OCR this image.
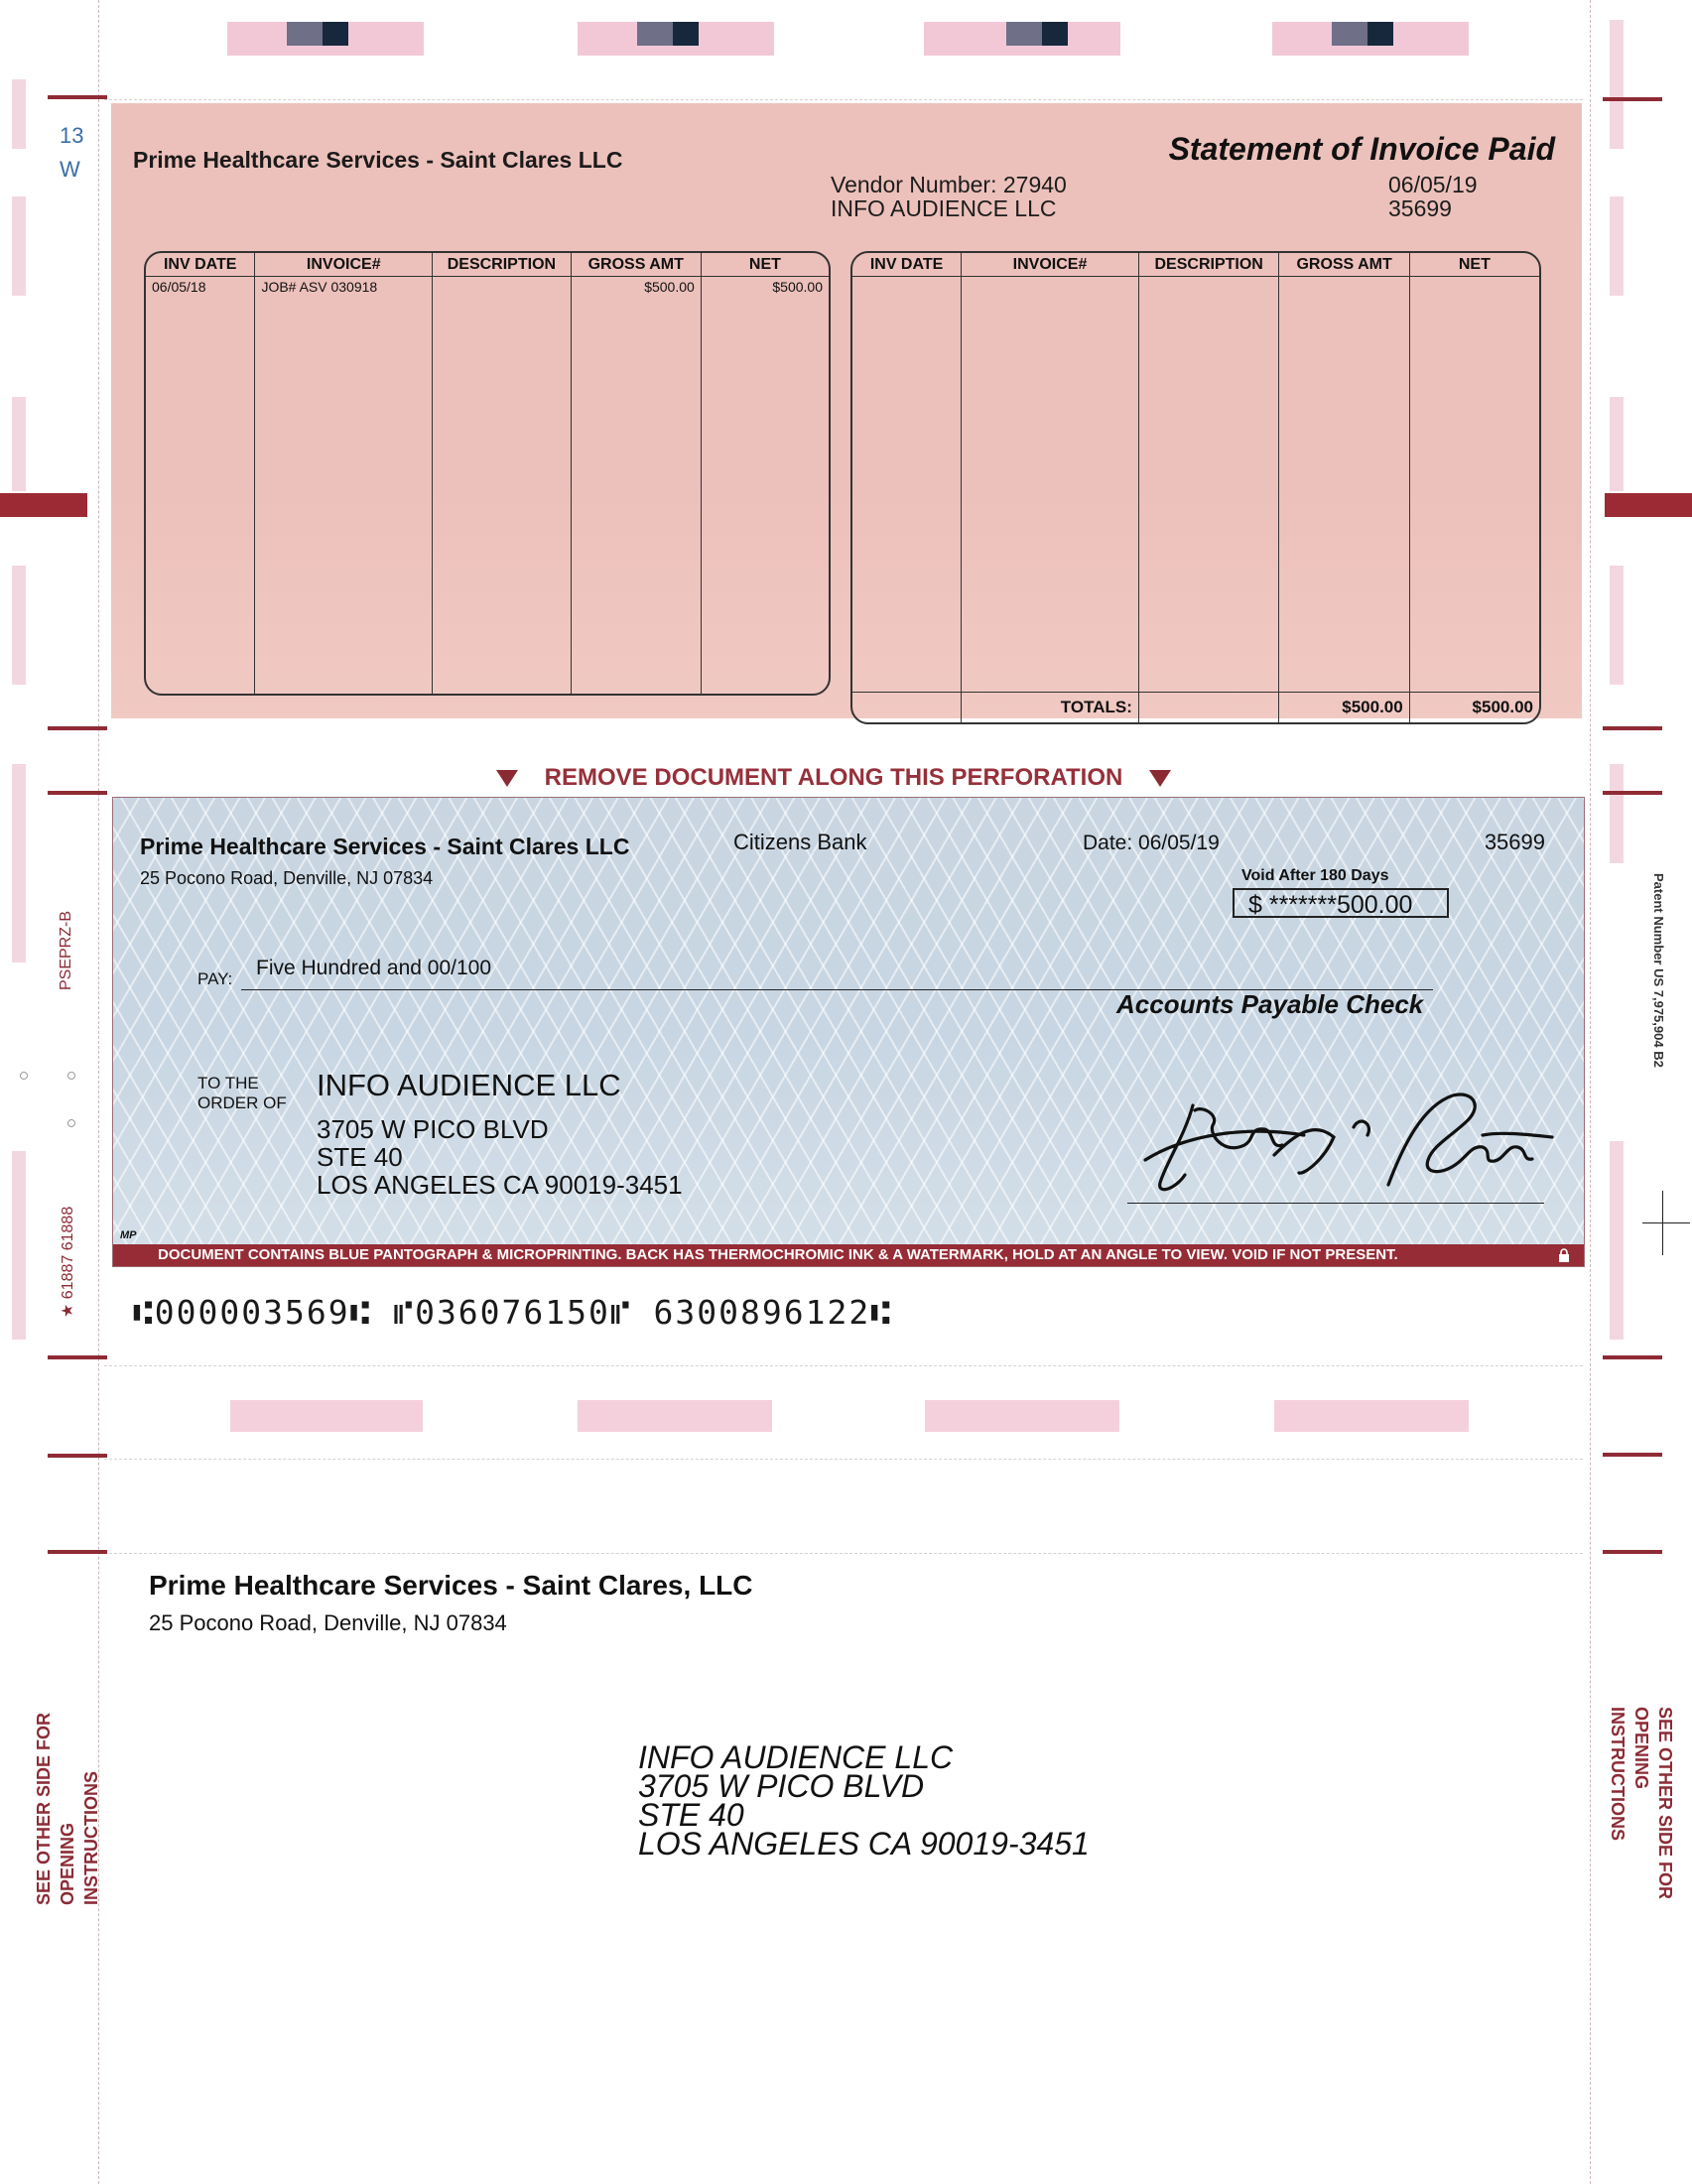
13
W
PSEPRZ-B
★ 61887 61888
Patent Number US 7,975,904 B2
SEE OTHER SIDE FOR OPENING INSTRUCTIONS	SEE OTHER SIDE FOR OPENING INSTRUCTIONS
Prime Healthcare Services - Saint Clares LLC	Statement of Invoice Paid
Vendor Number: 27940
INFO AUDIENCE LLC
06/05/19
35699
INV DATE	INVOICE#	DESCRIPTION	GROSS AMT	NET
06/05/18	JOB# ASV 030918		$500.00	$500.00

INV DATE	INVOICE#	DESCRIPTION	GROSS AMT	NET

	TOTALS:		$500.00	$500.00
REMOVE DOCUMENT ALONG THIS PERFORATION
Prime Healthcare Services - Saint Clares LLC
25 Pocono Road, Denville, NJ 07834
Citizens Bank	Date: 06/05/19	35699
Void After 180 Days
$ *******500.00
PAY: Five Hundred and 00/100
Accounts Payable Check
TO THE
ORDER OF
INFO AUDIENCE LLC
3705 W PICO BLVD
STE 40
LOS ANGELES CA 90019-3451
MP
DOCUMENT CONTAINS BLUE PANTOGRAPH & MICROPRINTING. BACK HAS THERMOCHROMIC INK & A WATERMARK, HOLD AT AN ANGLE TO VIEW. VOID IF NOT PRESENT.
⑆000003569⑆ ⑈036076150⑈ 6300896122⑆
Prime Healthcare Services - Saint Clares, LLC
25 Pocono Road, Denville, NJ 07834
INFO AUDIENCE LLC
3705 W PICO BLVD
STE 40
LOS ANGELES CA 90019-3451
